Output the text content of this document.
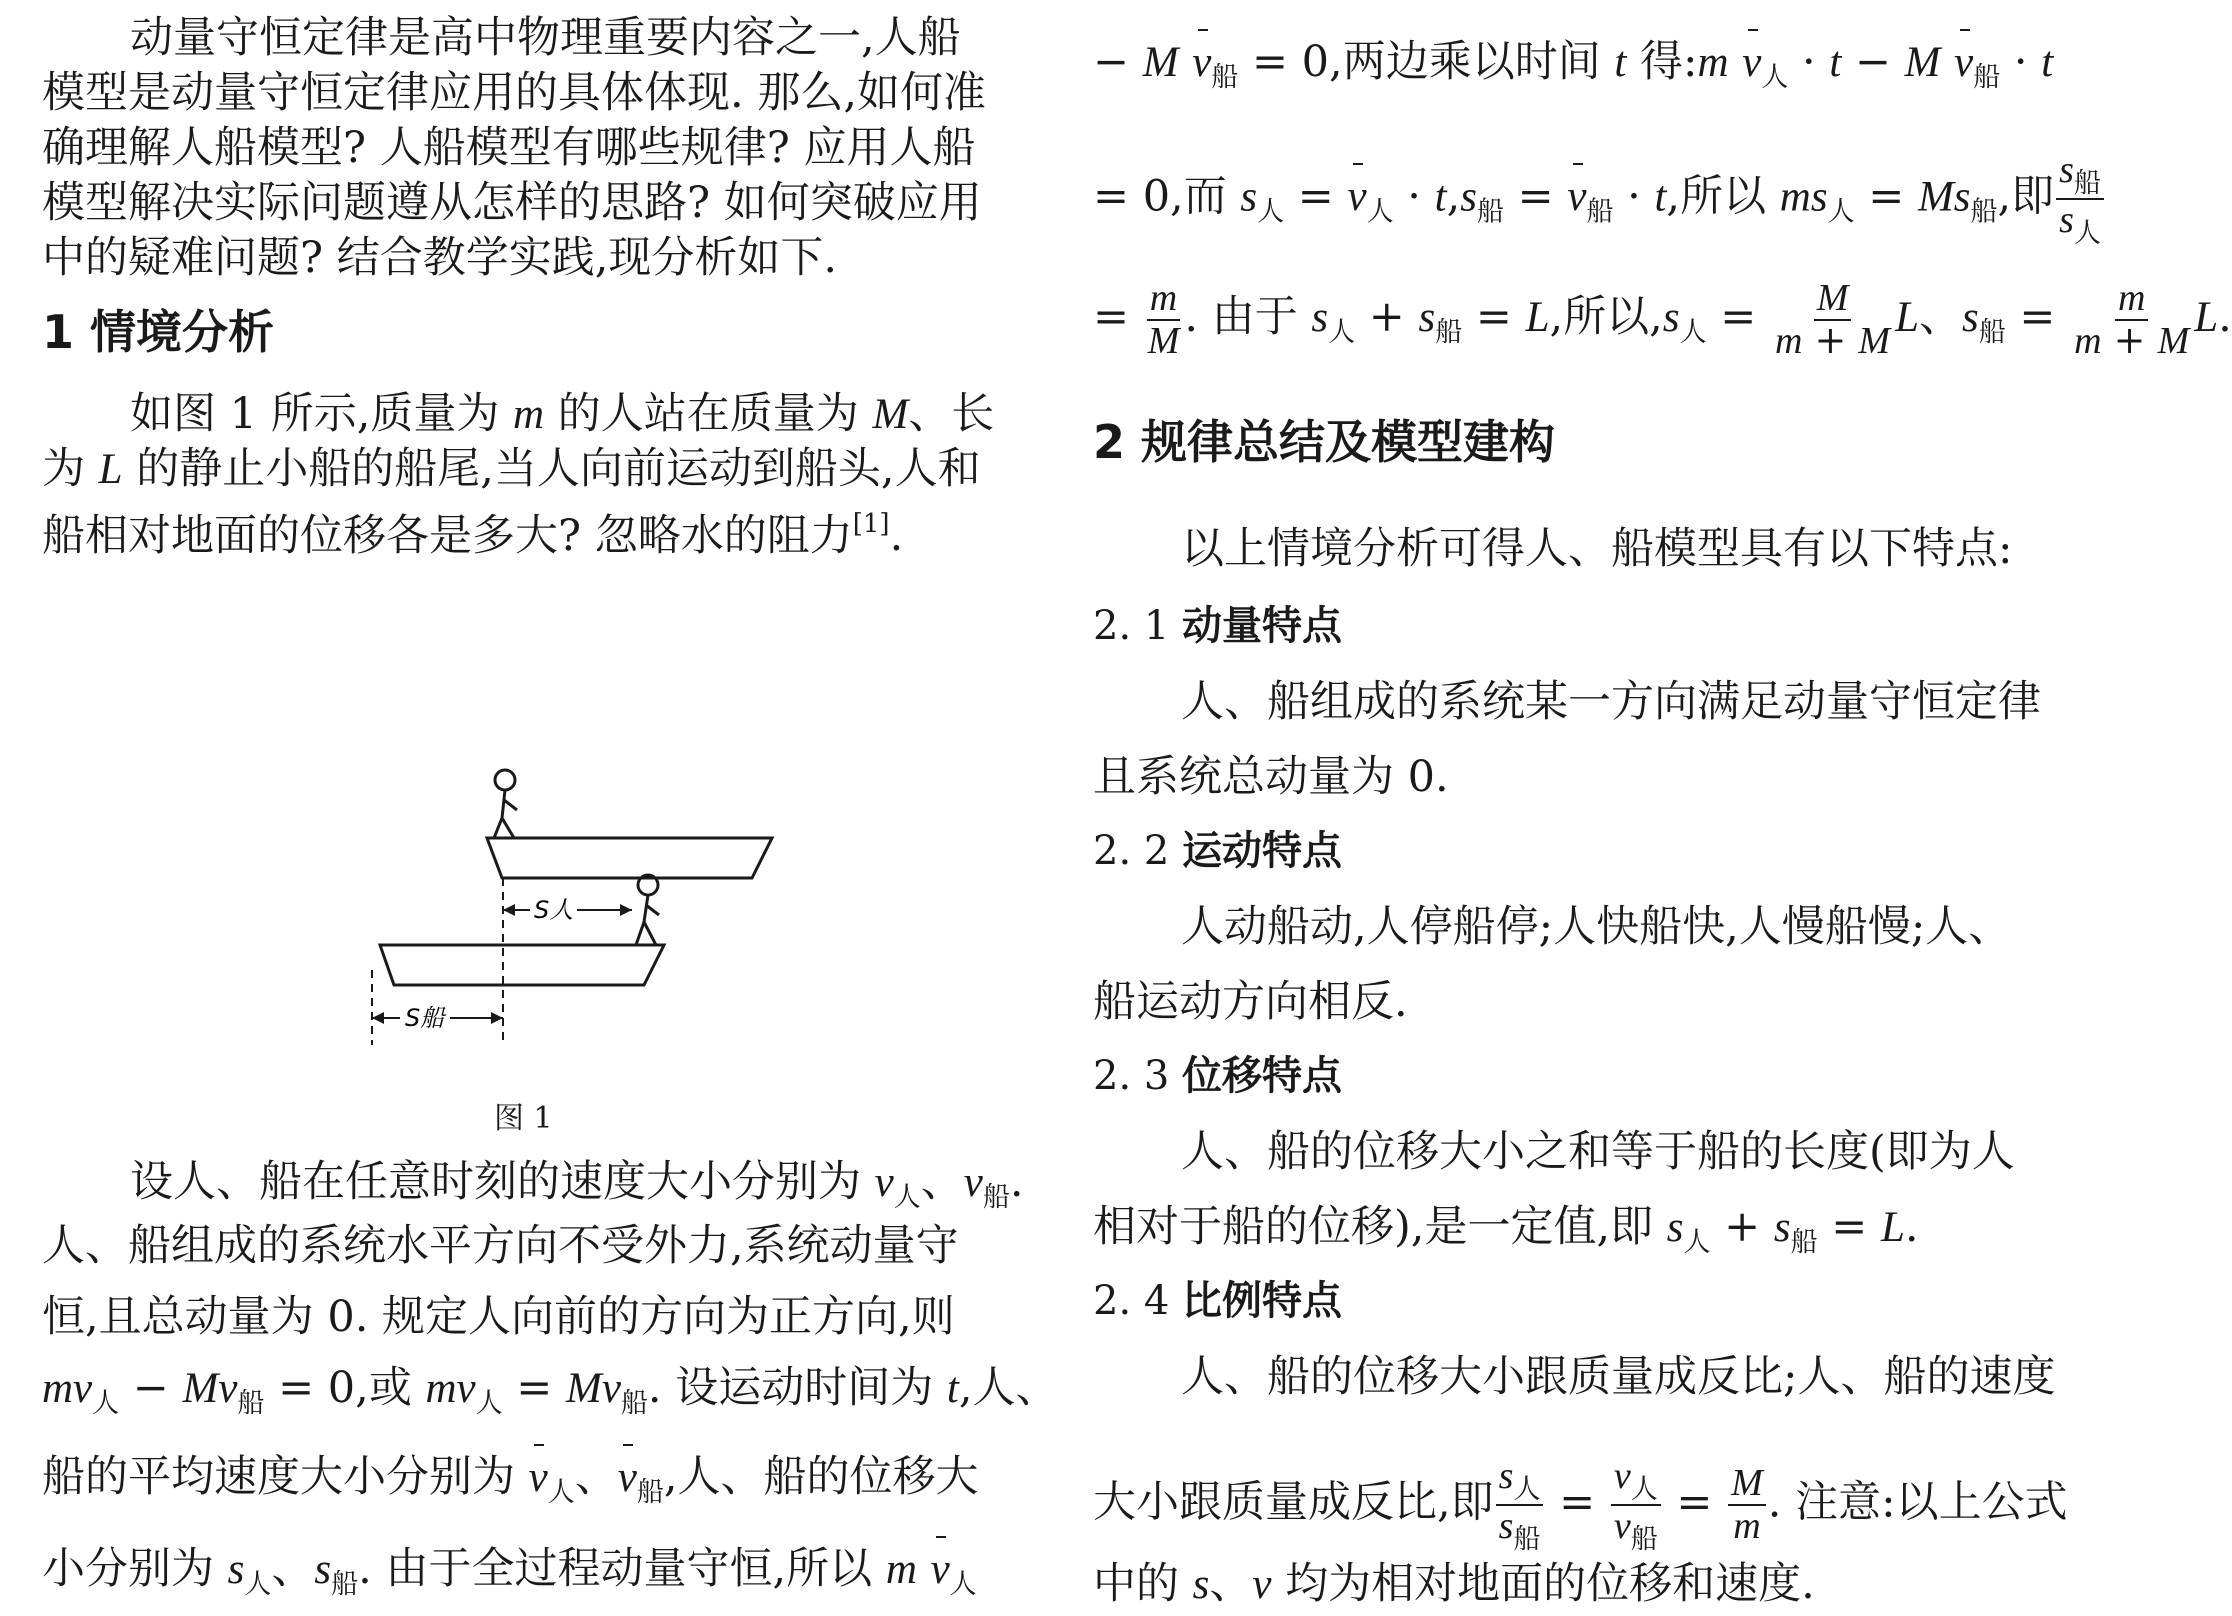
动量守恒定律是高中物理重要内容之一,人船
模型是动量守恒定律应用的具体体现. 那么,如何准
确理解人船模型? 人船模型有哪些规律? 应用人船
模型解决实际问题遵从怎样的思路? 如何突破应用
中的疑难问题? 结合教学实践,现分析如下.
1 情境分析
如图 1 所示,质量为 m 的人站在质量为 M、长
为 L 的静止小船的船尾,当人向前运动到船头,人和
船相对地面的位移各是多大? 忽略水的阻力[1].
S人
S船
图 1
设人、船在任意时刻的速度大小分别为 $v_人$、$v_船$.
人、船组成的系统水平方向不受外力,系统动量守
恒,且总动量为 0. 规定人向前的方向为正方向,则
$mv_人 - Mv_船 = 0$,或 $mv_人 = Mv_船$. 设运动时间为 t,人、
船的平均速度大小分别为 $v_人$、$v_船$,人、船的位移大
小分别为 $s_人$、$s_船$. 由于全过程动量守恒,所以 m $v_人$
− M $v_船 = 0$,两边乘以时间 t 得:m $v_人 \cdot t - M$ $v_船 \cdot t$
= 0,而 $s_人 = v_人 \cdot t,s_船 = v_船 \cdot t$,所以 $ms_人 = Ms_船$,即 $\frac{s_船}{s_人}$
= $\frac{m}{M}$ . 由于 $s_人 + s_船 = L$,所以$,s_人 = \frac{M}{m + M}$ L、$s_船 = \frac{m}{m + M} L$.
2 规律总结及模型建构
以上情境分析可得人、船模型具有以下特点:
2. 1 动量特点
人、船组成的系统某一方向满足动量守恒定律
且系统总动量为 0.
2. 2 运动特点
人动船动,人停船停;人快船快,人慢船慢;人、
船运动方向相反.
2. 3 位移特点
人、船的位移大小之和等于船的长度(即为人
相对于船的位移),是一定值,即 $s_人 + s_船 = L$.
2. 4 比例特点
人、船的位移大小跟质量成反比;人、船的速度
大小跟质量成反比,即 $\frac{s_人}{s_船} = \frac{v_人}{v_船} = \frac{M}{m}$ . 注意:以上公式
中的 s、v 均为相对地面的位移和速度.
